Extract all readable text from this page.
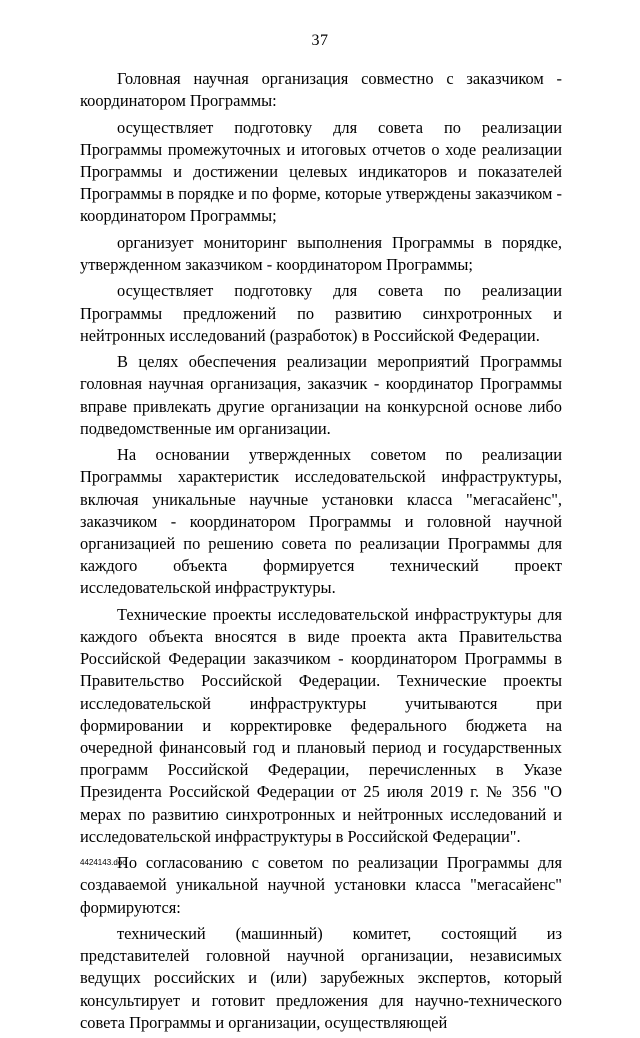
37

Головная научная организация совместно с заказчиком - координатором Программы:

осуществляет подготовку для совета по реализации Программы промежуточных и итоговых отчетов о ходе реализации Программы и достижении целевых индикаторов и показателей Программы в порядке и по форме, которые утверждены заказчиком - координатором Программы;

организует мониторинг выполнения Программы в порядке, утвержденном заказчиком - координатором Программы;

осуществляет подготовку для совета по реализации Программы предложений по развитию синхротронных и нейтронных исследований (разработок) в Российской Федерации.

В целях обеспечения реализации мероприятий Программы головная научная организация, заказчик - координатор Программы вправе привлекать другие организации на конкурсной основе либо подведомственные им организации.

На основании утвержденных советом по реализации Программы характеристик исследовательской инфраструктуры, включая уникальные научные установки класса "мегасайенс", заказчиком - координатором Программы и головной научной организацией по решению совета по реализации Программы для каждого объекта формируется технический проект исследовательской инфраструктуры.

Технические проекты исследовательской инфраструктуры для каждого объекта вносятся в виде проекта акта Правительства Российской Федерации заказчиком - координатором Программы в Правительство Российской Федерации. Технические проекты исследовательской инфраструктуры учитываются при формировании и корректировке федерального бюджета на очередной финансовый год и плановый период и государственных программ Российской Федерации, перечисленных в Указе Президента Российской Федерации от 25 июля 2019 г. № 356 "О мерах по развитию синхротронных и нейтронных исследований и исследовательской инфраструктуры в Российской Федерации".

По согласованию с советом по реализации Программы для создаваемой уникальной научной установки класса "мегасайенс" формируются:

технический (машинный) комитет, состоящий из представителей головной научной организации, независимых ведущих российских и (или) зарубежных экспертов, который консультирует и готовит предложения для научно-технического совета Программы и организации, осуществляющей

4424143.doc
